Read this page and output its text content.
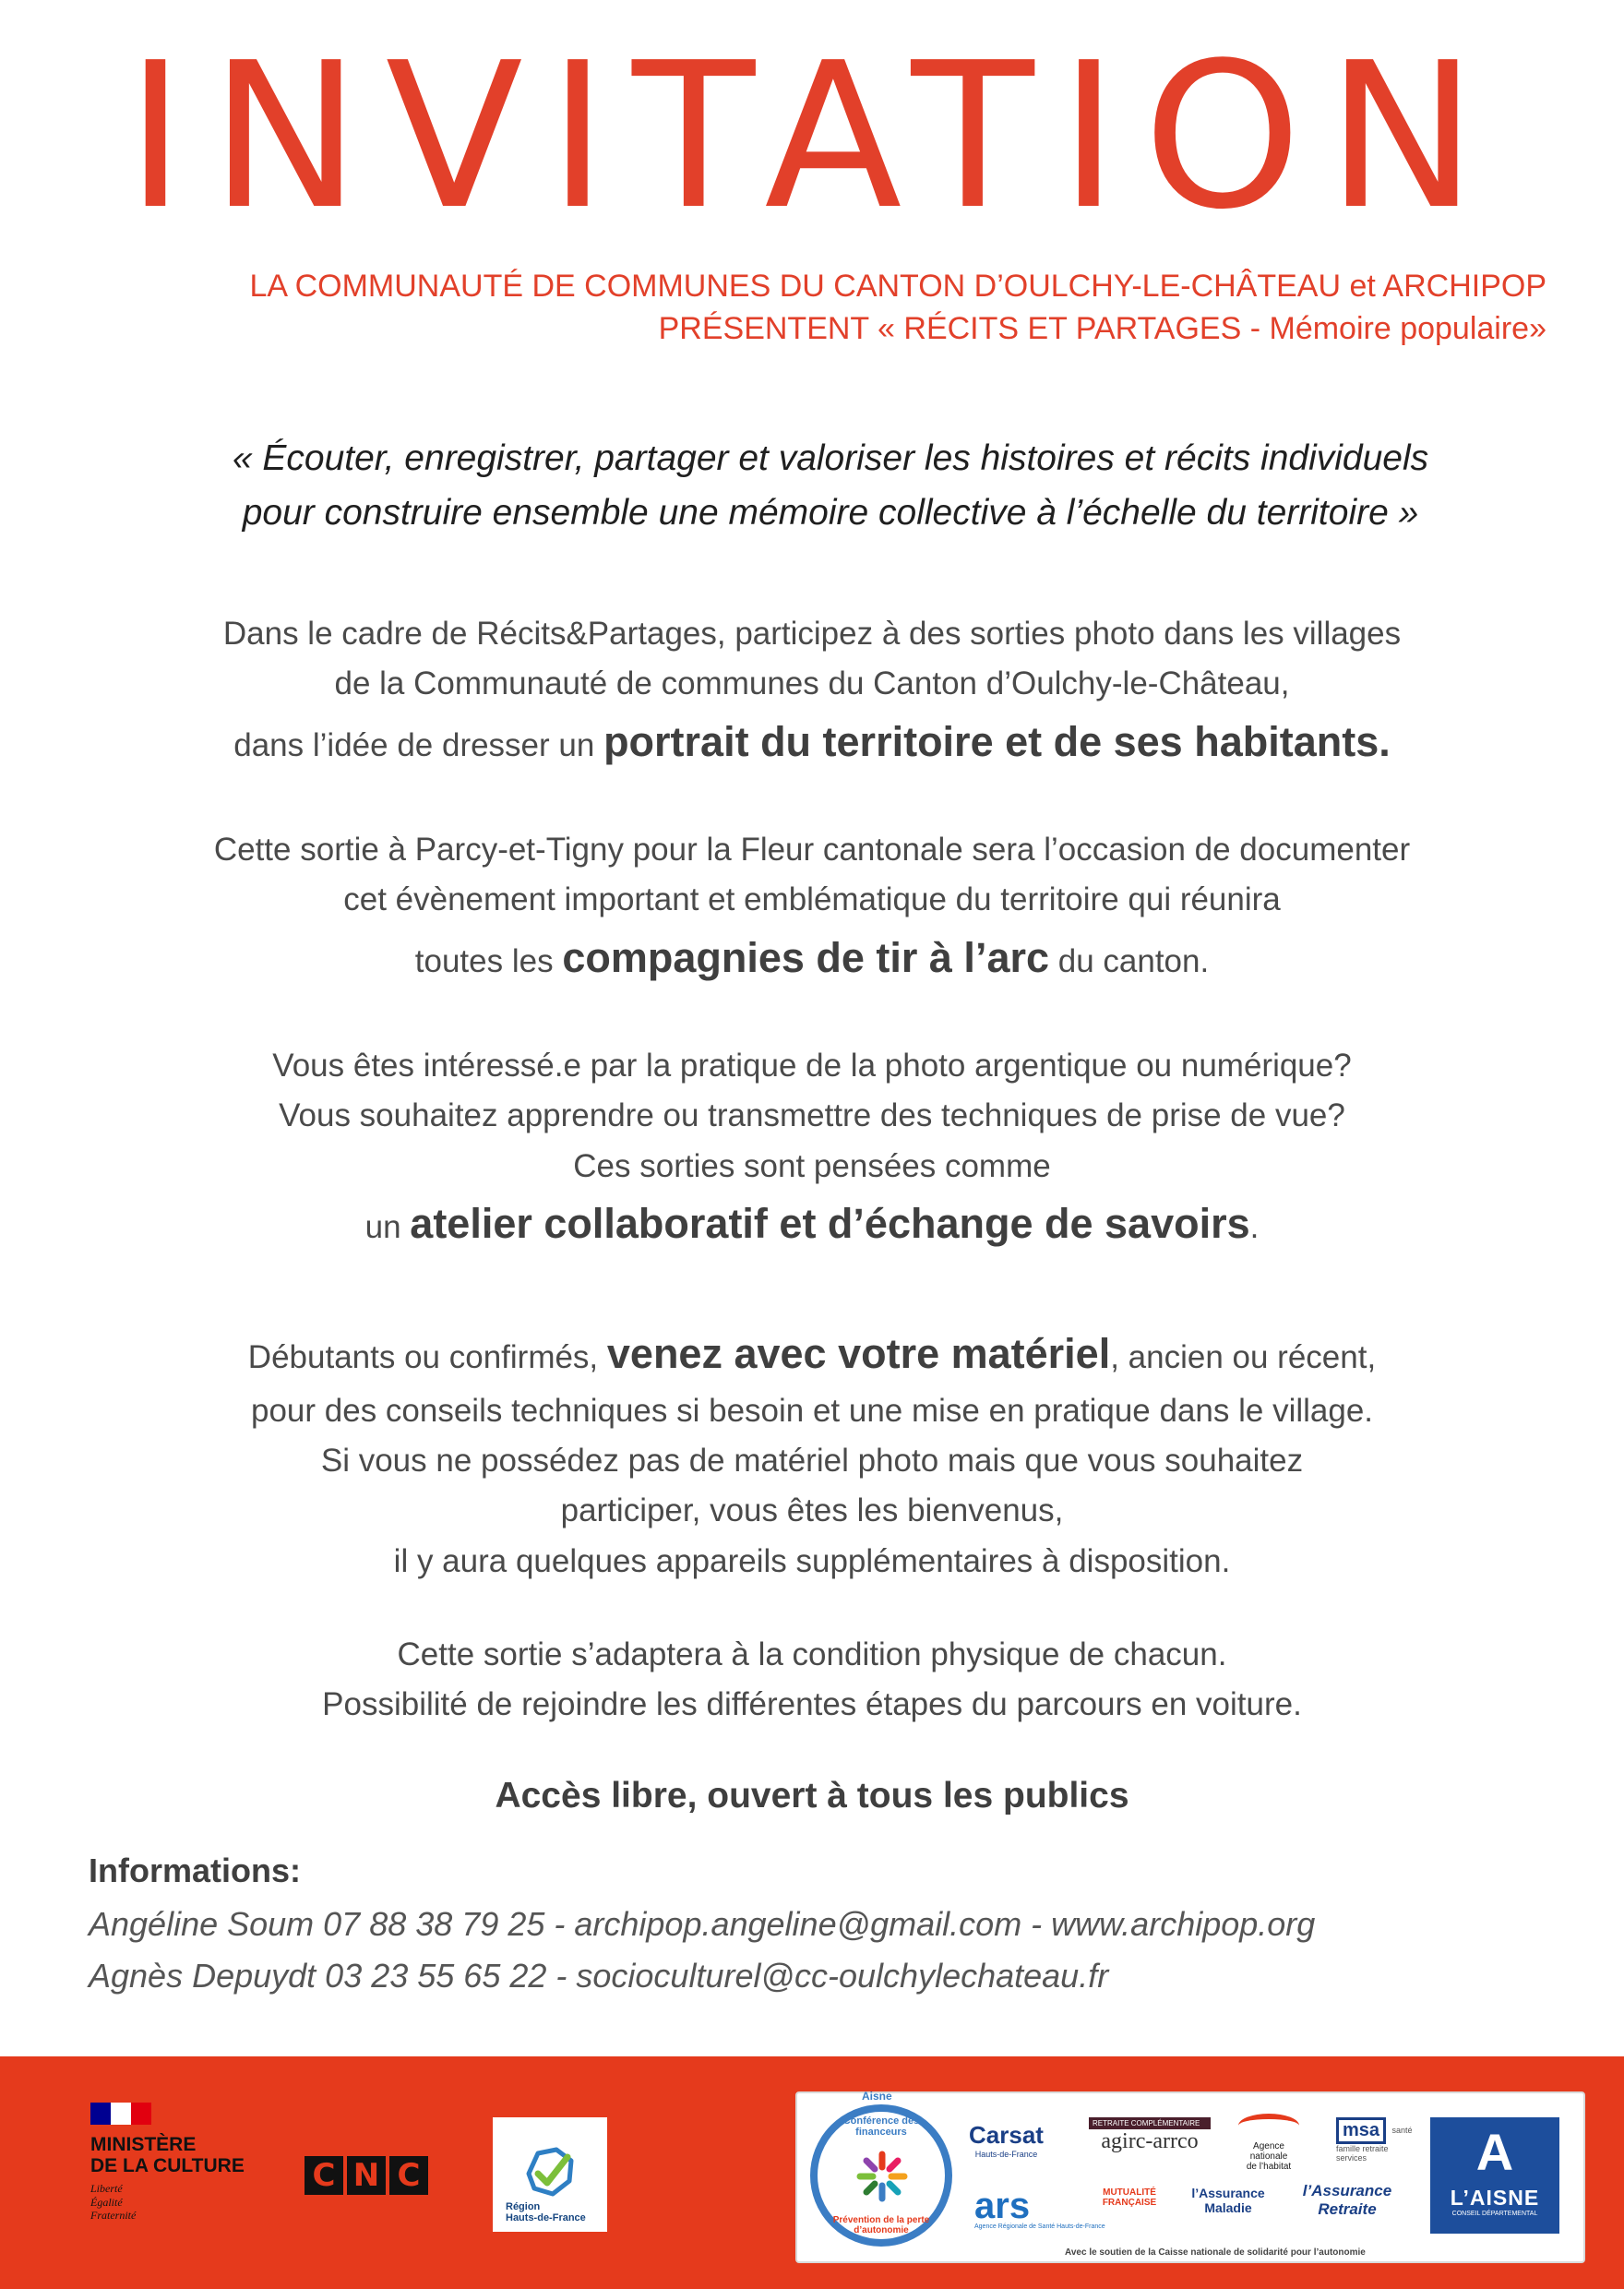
INVITATION
LA COMMUNAUTÉ DE COMMUNES DU CANTON D’OULCHY-LE-CHÂTEAU et ARCHIPOP
PRÉSENTENT « RÉCITS ET PARTAGES - Mémoire populaire»
« Écouter, enregistrer, partager et valoriser les histoires et récits individuels
pour construire ensemble une mémoire collective à l’échelle du territoire »
Dans le cadre de Récits&Partages, participez à des sorties photo dans les villages
de la Communauté de communes du Canton d’Oulchy-le-Château,
dans l’idée de dresser un portrait du territoire et de ses habitants.
Cette sortie à Parcy-et-Tigny pour la Fleur cantonale sera l’occasion de documenter
cet évènement important et emblématique du territoire qui réunira
toutes les compagnies de tir à l’arc du canton.
Vous êtes intéressé.e par la pratique de la photo argentique ou numérique?
Vous souhaitez apprendre ou transmettre des techniques de prise de vue?
Ces sorties sont pensées comme
un atelier collaboratif et d’échange de savoirs.
Débutants ou confirmés, venez avec votre matériel, ancien ou récent,
pour des conseils techniques si besoin et une mise en pratique dans le village.
Si vous ne possédez pas de matériel photo mais que vous souhaitez
participer, vous êtes les bienvenus,
il y aura quelques appareils supplémentaires à disposition.
Cette sortie s’adaptera à la condition physique de chacun.
Possibilité de rejoindre les différentes étapes du parcours en voiture.
Accès libre, ouvert à tous les publics
Informations:
Angéline Soum 07 88 38 79 25 - archipop.angeline@gmail.com - www.archipop.org
Agnès Depuydt 03 23 55 65 22 - socioculturel@cc-oulchylechateau.fr
MINISTÈRE
DE LA CULTURE
Liberté
Égalité
Fraternité
C N C
Région
Hauts-de-France
Aisne
Conférence des financeurs
Prévention de la perte d’autonomie
Carsat
Hauts-de-France
RETRAITE COMPLÉMENTAIRE
agirc-arrco	Agence
nationale
de l’habitat
msa santé famille retraite services
ars
Agence Régionale de Santé Hauts-de-France
MUTUALITÉ
FRANÇAISE
l’Assurance
Maladie
l’Assurance
Retraite
A
L’AISNE
CONSEIL DÉPARTEMENTAL
Avec le soutien de la Caisse nationale de solidarité pour l’autonomie
